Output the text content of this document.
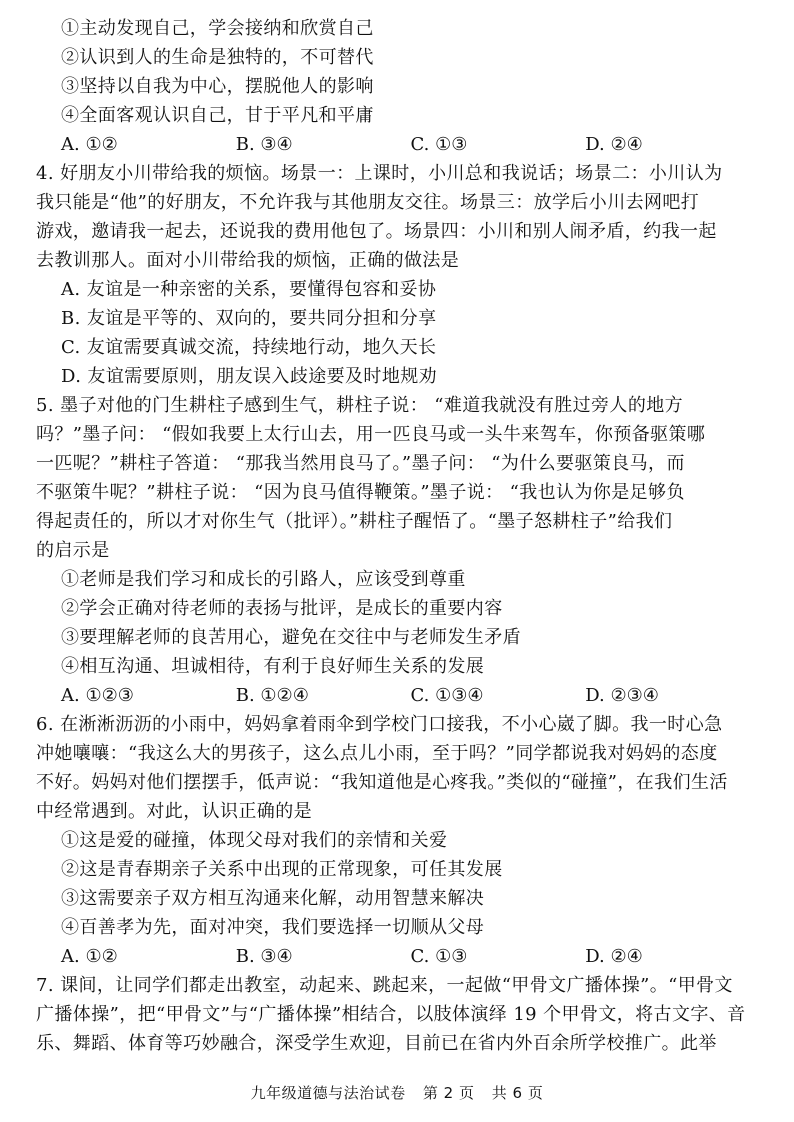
①主动发现自己，学会接纳和欣赏自己
②认识到人的生命是独特的，不可替代
③坚持以自我为中心，摆脱他人的影响
④全面客观认识自己，甘于平凡和平庸
A. ①②	B. ③④	C. ①③	D. ②④
4. 好朋友小川带给我的烦恼。场景一：上课时，小川总和我说话；场景二：小川认为
我只能是“他”的好朋友，不允许我与其他朋友交往。场景三：放学后小川去网吧打
游戏，邀请我一起去，还说我的费用他包了。场景四：小川和别人闹矛盾，约我一起
去教训那人。面对小川带给我的烦恼，正确的做法是
A. 友谊是一种亲密的关系，要懂得包容和妥协
B. 友谊是平等的、双向的，要共同分担和分享
C. 友谊需要真诚交流，持续地行动，地久天长
D. 友谊需要原则，朋友误入歧途要及时地规劝
5. 墨子对他的门生耕柱子感到生气，耕柱子说： “难道我就没有胜过旁人的地方
吗？”墨子问： “假如我要上太行山去，用一匹良马或一头牛来驾车，你预备驱策哪
一匹呢？”耕柱子答道： “那我当然用良马了。”墨子问： “为什么要驱策良马，而
不驱策牛呢？”耕柱子说： “因为良马值得鞭策。”墨子说： “我也认为你是足够负
得起责任的，所以才对你生气（批评）。”耕柱子醒悟了。“墨子怒耕柱子”给我们
的启示是
①老师是我们学习和成长的引路人，应该受到尊重
②学会正确对待老师的表扬与批评，是成长的重要内容
③要理解老师的良苦用心，避免在交往中与老师发生矛盾
④相互沟通、坦诚相待，有利于良好师生关系的发展
A. ①②③	B. ①②④	C. ①③④	D. ②③④
6. 在淅淅沥沥的小雨中，妈妈拿着雨伞到学校门口接我，不小心崴了脚。我一时心急
冲她嚷嚷：“我这么大的男孩子，这么点儿小雨，至于吗？”同学都说我对妈妈的态度
不好。妈妈对他们摆摆手，低声说：“我知道他是心疼我。”类似的“碰撞”，在我们生活
中经常遇到。对此，认识正确的是
①这是爱的碰撞，体现父母对我们的亲情和关爱
②这是青春期亲子关系中出现的正常现象，可任其发展
③这需要亲子双方相互沟通来化解，动用智慧来解决
④百善孝为先，面对冲突，我们要选择一切顺从父母
A. ①②	B. ③④	C. ①③	D. ②④
7. 课间，让同学们都走出教室，动起来、跳起来，一起做“甲骨文广播体操”。“甲骨文
广播体操”，把“甲骨文”与“广播体操”相结合，以肢体演绎 19 个甲骨文，将古文字、音
乐、舞蹈、体育等巧妙融合，深受学生欢迎，目前已在省内外百余所学校推广。此举
九年级道德与法治试卷 第 2 页 共 6 页
